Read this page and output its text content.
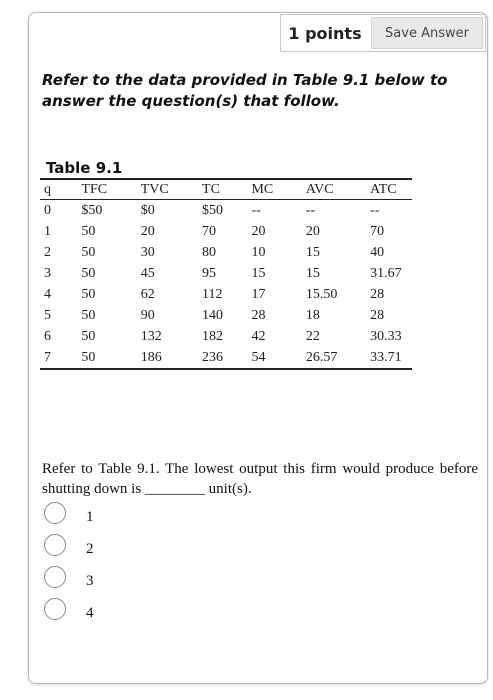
1 points	Save Answer
Refer to the data provided in Table 9.1 below to answer the question(s) that follow.
Table 9.1
q	TFC	TVC	TC	MC	AVC	ATC
0	$50	$0	$50	--	--	--
1	50	20	70	20	20	70
2	50	30	80	10	15	40
3	50	45	95	15	15	31.67
4	50	62	112	17	15.50	28
5	50	90	140	28	18	28
6	50	132	182	42	22	30.33
7	50	186	236	54	26.57	33.71
Refer to Table 9.1. The lowest output this firm would produce before shutting down is ________ unit(s).
1
2
3
4
